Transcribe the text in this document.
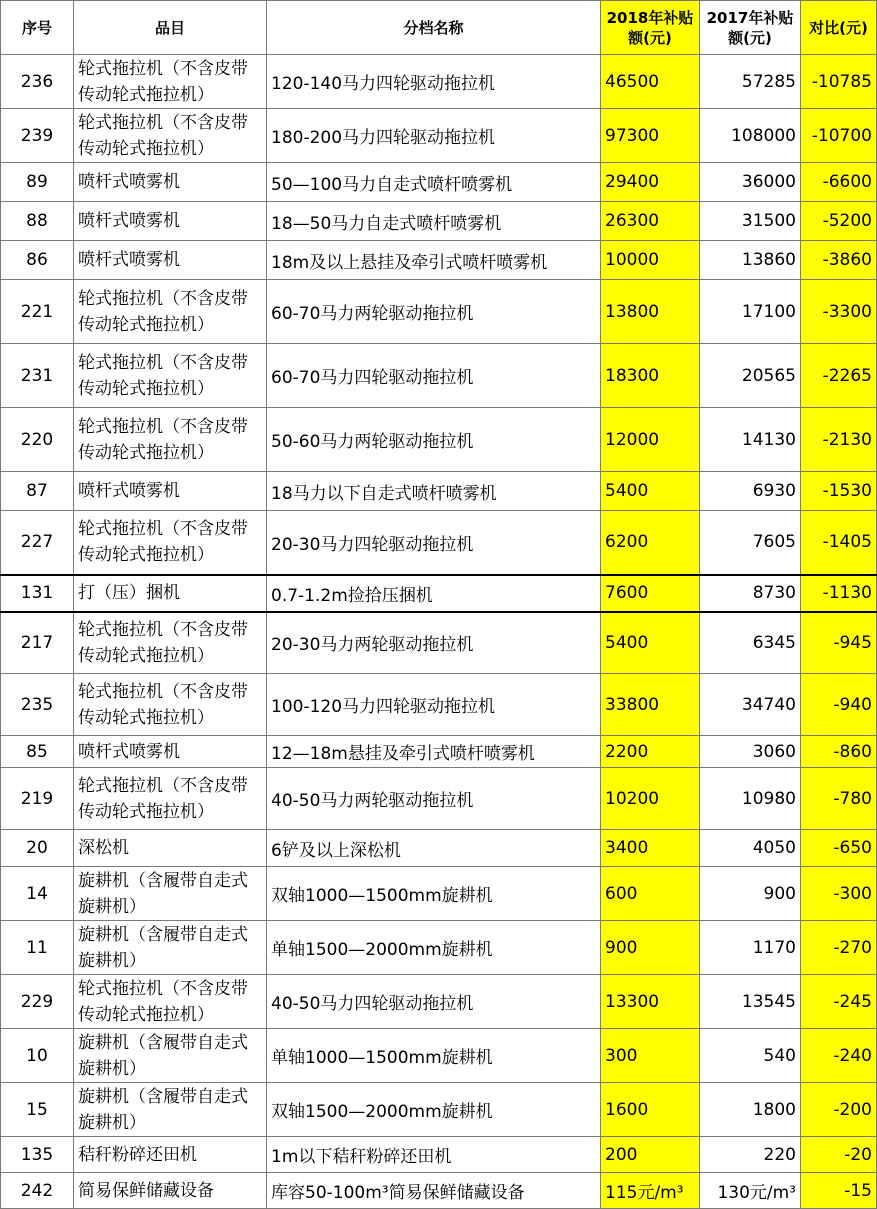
序号	品目	分档名称	2018年补贴额(元)	2017年补贴额(元)	对比(元)
236	轮式拖拉机（不含皮带传动轮式拖拉机）	120-140马力四轮驱动拖拉机	46500	57285	-10785
239	轮式拖拉机（不含皮带传动轮式拖拉机）	180-200马力四轮驱动拖拉机	97300	108000	-10700
89	喷杆式喷雾机	50—100马力自走式喷杆喷雾机	29400	36000	-6600
88	喷杆式喷雾机	18—50马力自走式喷杆喷雾机	26300	31500	-5200
86	喷杆式喷雾机	18m及以上悬挂及牵引式喷杆喷雾机	10000	13860	-3860
221	轮式拖拉机（不含皮带传动轮式拖拉机）	60-70马力两轮驱动拖拉机	13800	17100	-3300
231	轮式拖拉机（不含皮带传动轮式拖拉机）	60-70马力四轮驱动拖拉机	18300	20565	-2265
220	轮式拖拉机（不含皮带传动轮式拖拉机）	50-60马力两轮驱动拖拉机	12000	14130	-2130
87	喷杆式喷雾机	18马力以下自走式喷杆喷雾机	5400	6930	-1530
227	轮式拖拉机（不含皮带传动轮式拖拉机）	20-30马力四轮驱动拖拉机	6200	7605	-1405
131	打（压）捆机	0.7-1.2m捡拾压捆机	7600	8730	-1130
217	轮式拖拉机（不含皮带传动轮式拖拉机）	20-30马力两轮驱动拖拉机	5400	6345	-945
235	轮式拖拉机（不含皮带传动轮式拖拉机）	100-120马力四轮驱动拖拉机	33800	34740	-940
85	喷杆式喷雾机	12—18m悬挂及牵引式喷杆喷雾机	2200	3060	-860
219	轮式拖拉机（不含皮带传动轮式拖拉机）	40-50马力两轮驱动拖拉机	10200	10980	-780
20	深松机	6铲及以上深松机	3400	4050	-650
14	旋耕机（含履带自走式旋耕机）	双轴1000—1500mm旋耕机	600	900	-300
11	旋耕机（含履带自走式旋耕机）	单轴1500—2000mm旋耕机	900	1170	-270
229	轮式拖拉机（不含皮带传动轮式拖拉机）	40-50马力四轮驱动拖拉机	13300	13545	-245
10	旋耕机（含履带自走式旋耕机）	单轴1000—1500mm旋耕机	300	540	-240
15	旋耕机（含履带自走式旋耕机）	双轴1500—2000mm旋耕机	1600	1800	-200
135	秸秆粉碎还田机	1m以下秸秆粉碎还田机	200	220	-20
242	简易保鲜储藏设备	库容50-100m³简易保鲜储藏设备	115元/m³	130元/m³	-15
